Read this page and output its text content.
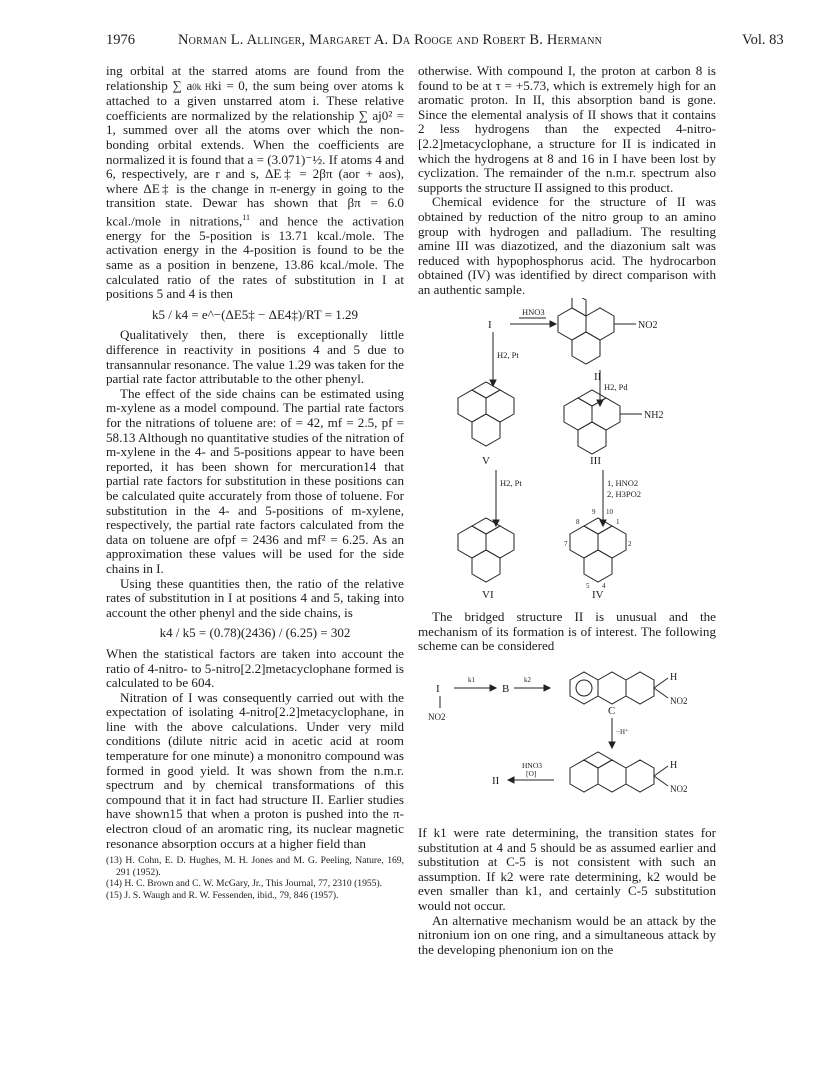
1976	Norman L. Allinger, Margaret A. Da Rooge and Robert B. Hermann	Vol. 83

ing orbital at the starred atoms are found from the relationship ∑ a0k Hki = 0, the sum being over atoms k attached to a given unstarred atom i. These relative coefficients are normalized by the relationship ∑ aj0² = 1, summed over all the atoms over which the non-bonding orbital extends. When the coefficients are normalized it is found that a = (3.071)⁻½. If atoms 4 and 6, respectively, are r and s, ΔE‡ = 2βπ (aor + aos), where ΔE‡ is the change in π-energy in going to the transition state. Dewar has shown that βπ = 6.0 kcal./mole in nitrations,$^{11}$ and hence the activation energy for the 5-position is 13.71 kcal./mole. The activation energy in the 4-position is found to be the same as a position in benzene, 13.86 kcal./mole. The calculated ratio of the rates of substitution in I at positions 5 and 4 is then

k5 / k4 = e^−(ΔE5‡ − ΔE4‡)/RT = 1.29

Qualitatively then, there is exceptionally little difference in reactivity in positions 4 and 5 due to transannular resonance. The value 1.29 was taken for the partial rate factor attributable to the other phenyl.

The effect of the side chains can be estimated using m-xylene as a model compound. The partial rate factors for the nitrations of toluene are: of = 42, mf = 2.5, pf = 58.13 Although no quantitative studies of the nitration of m-xylene in the 4- and 5-positions appear to have been reported, it has been shown for mercuration14 that partial rate factors for substitution in these positions can be calculated quite accurately from those of toluene. For substitution in the 4- and 5-positions of m-xylene, respectively, the partial rate factors calculated from the data on toluene are ofpf = 2436 and mf² = 6.25. As an approximation these values will be used for the side chains in I.

Using these quantities then, the ratio of the relative rates of substitution in I at positions 4 and 5, taking into account the other phenyl and the side chains, is

k4 / k5 = (0.78)(2436) / (6.25) = 302

When the statistical factors are taken into account the ratio of 4-nitro- to 5-nitro[2.2]metacyclophane formed is calculated to be 604.

Nitration of I was consequently carried out with the expectation of isolating 4-nitro[2.2]metacyclophane, in line with the above calculations. Under very mild conditions (dilute nitric acid in acetic acid at room temperature for one minute) a mononitro compound was formed in good yield. It was shown from the n.m.r. spectrum and by chemical transformations of this compound that it in fact had structure II. Earlier studies have shown15 that when a proton is pushed into the π-electron cloud of an aromatic ring, its nuclear magnetic resonance absorption occurs at a higher field than

(13) H. Cohn, E. D. Hughes, M. H. Jones and M. G. Peeling, Nature, 169, 291 (1952).
(14) H. C. Brown and C. W. McGary, Jr., This Journal, 77, 2310 (1955).
(15) J. S. Waugh and R. W. Fessenden, ibid., 79, 846 (1957).

otherwise. With compound I, the proton at carbon 8 is found to be at τ = +5.73, which is extremely high for an aromatic proton. In II, this absorption band is gone. Since the elemental analysis of II shows that it contains 2 less hydrogens than the expected 4-nitro-[2.2]metacyclophane, a structure for II is indicated in which the hydrogens at 8 and 16 in I have been lost by cyclization. The remainder of the n.m.r. spectrum also supports the structure II assigned to this product.

Chemical evidence for the structure of II was obtained by reduction of the nitro group to an amino group with hydrogen and palladium. The resulting amine III was diazotized, and the diazonium salt was reduced with hypophosphorus acid. The hydrocarbon obtained (IV) was identified by direct comparison with an authentic sample.

I
HNO3
NO2
II
H2, Pt
H2, Pd
NH2
V	III
H2, Pt	1, HNO2
2, H3PO2
VI	IV
8
9 10
1
2
7
5 4

The bridged structure II is unusual and the mechanism of its formation is of interest. The following scheme can be considered

I	B
k1	k2
NO2
H
NO2
C
−H⁺
HNO3
[O]
II
H
NO2

If k1 were rate determining, the transition states for substitution at 4 and 5 should be as assumed earlier and substitution at C-5 is not consistent with such an assumption. If k2 were rate determining, k2 would be even smaller than k1, and certainly C-5 substitution would not occur.

An alternative mechanism would be an attack by the nitronium ion on one ring, and a simultaneous attack by the developing phenonium ion on the
